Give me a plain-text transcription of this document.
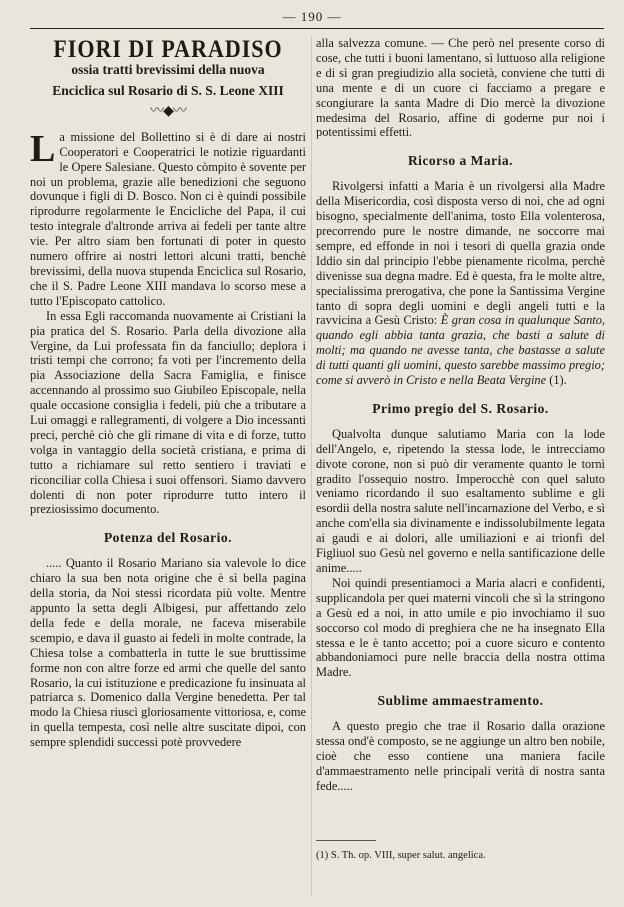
— 190 —
FIORI DI PARADISO
ossia tratti brevissimi della nuova
Enciclica sul Rosario di S. S. Leone XIII
〰◆〰

La missione del Bollettino si è di dare ai nostri Cooperatori e Cooperatrici le notizie riguardanti le Opere Salesiane. Questo còmpito è sovente per noi un problema, grazie alle benedizioni che seguono dovunque i figli di D. Bosco. Non ci è quindi possibile riprodurre regolarmente le Encicliche del Papa, il cui testo integrale d'altronde arriva ai fedeli per tante altre vie. Per altro siam ben fortunati di poter in questo numero offrire ai nostri lettori alcuni tratti, benchè brevissimi, della nuova stupenda Enciclica sul Rosario, che il S. Padre Leone XIII mandava lo scorso mese a tutto l'Episcopato cattolico.

In essa Egli raccomanda nuovamente ai Cristiani la pia pratica del S. Rosario. Parla della divozione alla Vergine, da Lui professata fin da fanciullo; deplora i tristi tempi che corrono; fa voti per l'incremento della pia Associazione della Sacra Famiglia, e finisce accennando al prossimo suo Giubileo Episcopale, nella quale occasione consiglia i fedeli, più che a tributare a Lui omaggi e rallegramenti, di volgere a Dio incessanti preci, perchè ciò che gli rimane di vita e di forze, tutto volga in vantaggio della società cristiana, e prima di tutto a richiamare sul retto sentiero i traviati e riconciliar colla Chiesa i suoi offensori. Siamo davvero dolenti di non poter riprodurre tutto intero il preziosissimo documento.

Potenza del Rosario.

..... Quanto il Rosario Mariano sia valevole lo dice chiaro la sua ben nota origine che è sì bella pagina della storia, da Noi stessi ricordata più volte. Mentre appunto la setta degli Albigesi, pur affettando zelo della fede e della morale, ne faceva miserabile scempio, e dava il guasto ai fedeli in molte contrade, la Chiesa tolse a combatterla in tutte le sue bruttissime forme non con altre forze ed armi che quelle del santo Rosario, la cui istituzione e predicazione fu insinuata al patriarca s. Domenico dalla Vergine benedetta. Per tal modo la Chiesa riuscì gloriosamente vittoriosa, e, come in quella tempesta, così nelle altre suscitate dipoi, con sempre splendidi successi potè provvedere

alla salvezza comune. — Che però nel presente corso di cose, che tutti i buoni lamentano, sì luttuoso alla religione e di sì gran pregiudizio alla società, conviene che tutti di una mente e di un cuore ci facciamo a pregare e scongiurare la santa Madre di Dio mercè la divozione medesima del Rosario, affine di goderne pur noi i potentissimi effetti.

Ricorso a Maria.

Rivolgersi infatti a Maria è un rivolgersi alla Madre della Misericordia, così disposta verso di noi, che ad ogni bisogno, specialmente dell'anima, tosto Ella volenterosa, precorrendo pure le nostre dimande, ne soccorre mai sempre, ed effonde in noi i tesori di quella grazia onde Iddio sin dal principio l'ebbe pienamente ricolma, perchè divenisse sua degna madre. Ed è questa, fra le molte altre, specialissima prerogativa, che pone la Santissima Vergine tanto di sopra degli uomini e degli angeli tutti e la ravvicina a Gesù Cristo: È gran cosa in qualunque Santo, quando egli abbia tanta grazia, che basti a salute di molti; ma quando ne avesse tanta, che bastasse a salute di tutti quanti gli uomini, questo sarebbe massimo pregio; come si avverò in Cristo e nella Beata Vergine (1).

Primo pregio del S. Rosario.

Qualvolta dunque salutiamo Maria con la lode dell'Angelo, e, ripetendo la stessa lode, le intrecciamo divote corone, non si può dir veramente quanto le tornì gradito l'ossequio nostro. Imperocchè con quel saluto veniamo ricordando il suo esaltamento sublime e gli esordii della nostra salute nell'incarnazione del Verbo, e sì anche com'ella sia divinamente e indissolubilmente legata ai gaudi e ai dolori, alle umiliazioni e ai trionfi del Figliuol suo Gesù nel governo e nella santificazione delle anime.....

Noi quindi presentiamoci a Maria alacri e confidenti, supplicandola per quei materni vincoli che sì la stringono a Gesù ed a noi, in atto umile e pio invochiamo il suo soccorso col modo di preghiera che ne ha insegnato Ella stessa e le è tanto accetto; poi a cuore sicuro e contento abbandoniamoci pure nelle braccia della nostra ottima Madre.

Sublime ammaestramento.

A questo pregio che trae il Rosario dalla orazione stessa ond'è composto, se ne aggiunge un altro ben nobile, cioè che esso contiene una maniera facile d'ammaestramento nelle principali verità di nostra santa fede.....

(1) S. Th. op. VIII, super salut. angelica.
